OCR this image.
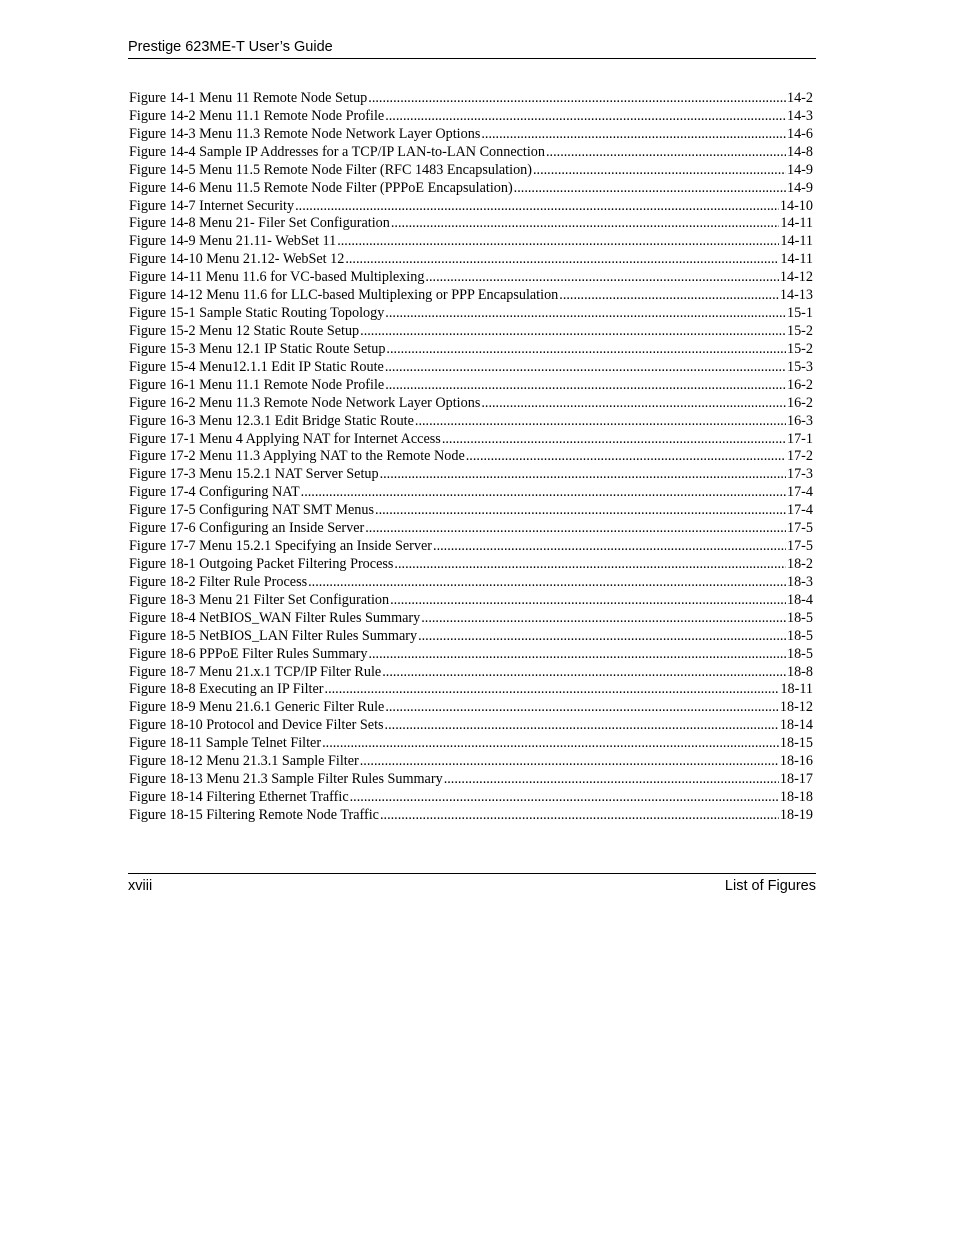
Prestige 623ME-T User’s Guide
Figure 14-1 Menu 11 Remote Node Setup .....	14-2
Figure 14-2 Menu 11.1 Remote Node Profile .....	14-3
Figure 14-3 Menu 11.3 Remote Node Network Layer Options .....	14-6
Figure 14-4 Sample IP Addresses for a TCP/IP LAN-to-LAN Connection .....	14-8
Figure 14-5 Menu 11.5 Remote Node Filter (RFC 1483 Encapsulation) .....	14-9
Figure 14-6 Menu 11.5 Remote Node Filter (PPPoE Encapsulation) .....	14-9
Figure 14-7 Internet Security .....	14-10
Figure 14-8 Menu 21- Filer Set Configuration .....	14-11
Figure 14-9 Menu 21.11- WebSet 11 .....	14-11
Figure 14-10 Menu 21.12- WebSet 12 .....	14-11
Figure 14-11 Menu 11.6 for VC-based Multiplexing .....	14-12
Figure 14-12 Menu 11.6 for LLC-based Multiplexing or PPP Encapsulation .....	14-13
Figure 15-1 Sample Static Routing Topology .....	15-1
Figure 15-2 Menu 12 Static Route Setup .....	15-2
Figure 15-3 Menu 12.1 IP Static Route Setup .....	15-2
Figure 15-4 Menu12.1.1 Edit IP Static Route .....	15-3
Figure 16-1 Menu 11.1 Remote Node Profile .....	16-2
Figure 16-2 Menu 11.3 Remote Node Network Layer Options .....	16-2
Figure 16-3 Menu 12.3.1 Edit Bridge Static Route .....	16-3
Figure 17-1 Menu 4 Applying NAT for Internet Access .....	17-1
Figure 17-2 Menu 11.3 Applying NAT to the Remote Node .....	17-2
Figure 17-3 Menu 15.2.1 NAT Server Setup .....	17-3
Figure 17-4 Configuring NAT .....	17-4
Figure 17-5 Configuring NAT SMT Menus .....	17-4
Figure 17-6 Configuring an Inside Server .....	17-5
Figure 17-7 Menu 15.2.1 Specifying an Inside Server .....	17-5
Figure 18-1 Outgoing Packet Filtering Process .....	18-2
Figure 18-2 Filter Rule Process .....	18-3
Figure 18-3 Menu 21 Filter Set Configuration .....	18-4
Figure 18-4 NetBIOS_WAN Filter Rules Summary .....	18-5
Figure 18-5 NetBIOS_LAN Filter Rules Summary .....	18-5
Figure 18-6 PPPoE Filter Rules Summary .....	18-5
Figure 18-7 Menu 21.x.1 TCP/IP Filter Rule .....	18-8
Figure 18-8 Executing an IP Filter .....	18-11
Figure 18-9 Menu 21.6.1 Generic Filter Rule .....	18-12
Figure 18-10 Protocol and Device Filter Sets .....	18-14
Figure 18-11 Sample Telnet Filter .....	18-15
Figure 18-12 Menu 21.3.1 Sample Filter .....	18-16
Figure 18-13 Menu 21.3 Sample Filter Rules Summary .....	18-17
Figure 18-14 Filtering Ethernet Traffic .....	18-18
Figure 18-15 Filtering Remote Node Traffic .....	18-19
xviii	List of Figures
